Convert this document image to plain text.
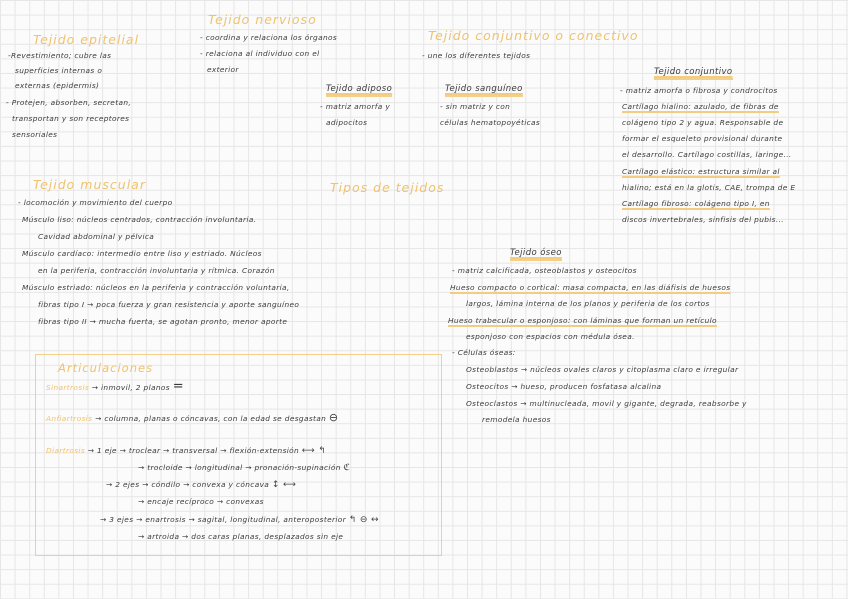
Tejido epitelial
-Revestimiento; cubre las
superficies internas o
externas (epidermis)
- Protejen, absorben, secretan,
transportan y son receptores
sensoriales
Tejido nervioso
- coordina y relaciona los órganos
- relaciona al individuo con el
exterior
Tejido conjuntivo o conectivo
- une los diferentes tejidos
Tejido adiposo
- matriz amorfa y
adipocitos
Tejido sanguíneo
- sin matriz y con
células hematopoyéticas
Tejido conjuntivo
- matriz amorfa o fibrosa y condrocitos
Cartílago hialino: azulado, de fibras de
colágeno tipo 2 y agua. Responsable de
formar el esqueleto provisional durante
el desarrollo. Cartílago costillas, laringe...
Cartílago elástico: estructura similar al
hialino; está en la glotis, CAE, trompa de E
Cartílago fibroso: colágeno tipo I, en
discos invertebrales, sinfisis del pubis...
Tipos de tejidos
Tejido muscular
- locomoción y movimiento del cuerpo
Músculo liso: núcleos centrados, contracción involuntaria.
Cavidad abdominal y pélvica
Músculo cardíaco: intermedio entre liso y estriado. Núcleos
en la periferia, contracción involuntaria y rítmica. Corazón
Músculo estriado: núcleos en la periferia y contracción voluntaria,
fibras tipo I → poca fuerza y gran resistencia y aporte sanguíneo
fibras tipo II → mucha fuerta, se agotan pronto, menor aporte
Tejido óseo
- matriz calcificada, osteoblastos y osteocitos
Hueso compacto o cortical: masa compacta, en las diáfisis de huesos
largos, lámina interna de los planos y periferia de los cortos
Hueso trabecular o esponjoso: con láminas que forman un retículo
esponjoso con espacios con médula ósea.
- Células óseas:
Osteoblastos → núcleos ovales claros y citoplasma claro e irregular
Osteocitos → hueso, producen fosfatasa alcalina
Osteoclastos → multinucleada, movil y gigante, degrada, reabsorbe y
remodela huesos
Articulaciones
Sinartrosis → inmovil, 2 planos =
Anfiartrosis → columna, planas o cóncavas, con la edad se desgastan ⊖
Diartrosis → 1 eje → troclear → transversal → flexión-extensión ⟷ ↰
→ trocloide → longitudinal → pronación-supinación ℭ
→ 2 ejes → cóndilo → convexa y cóncava ↕ ⟷
→ encaje recíproco → convexas
→ 3 ejes → enartrosis → sagital, longitudinal, anteroposterior ↰ ⊖ ↔
→ artroida → dos caras planas, desplazados sin eje
